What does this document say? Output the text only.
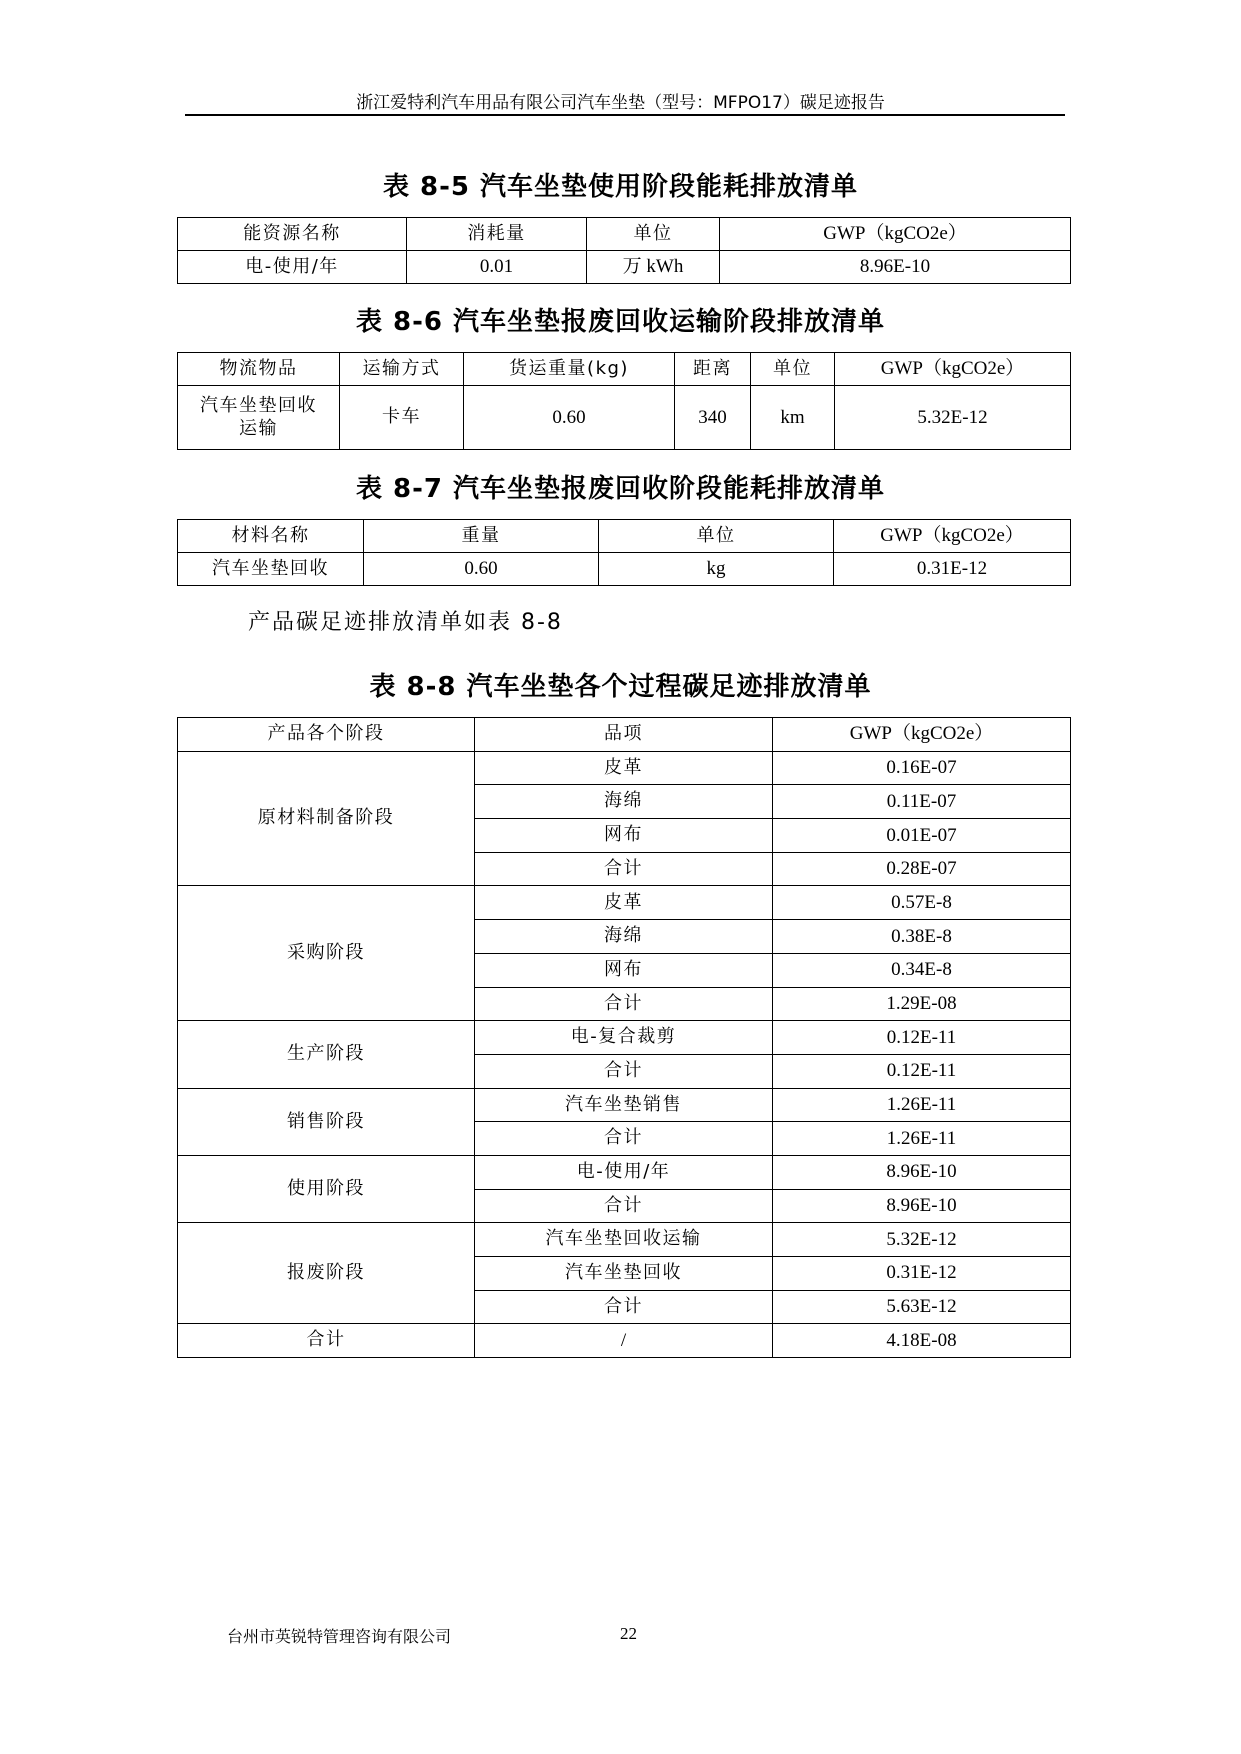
浙江爱特利汽车用品有限公司汽车坐垫（型号：MFPO17）碳足迹报告
表 8-5 汽车坐垫使用阶段能耗排放清单
能资源名称	消耗量	单位	GWP（kgCO2e）
电-使用/年	0.01	万 kWh	8.96E-10
表 8-6 汽车坐垫报废回收运输阶段排放清单
物流物品	运输方式	货运重量(kg)	距离	单位	GWP（kgCO2e）
汽车坐垫回收运输	卡车	0.60	340	km	5.32E-12
表 8-7 汽车坐垫报废回收阶段能耗排放清单
材料名称	重量	单位	GWP（kgCO2e）
汽车坐垫回收	0.60	kg	0.31E-12
产品碳足迹排放清单如表 8-8
表 8-8 汽车坐垫各个过程碳足迹排放清单
产品各个阶段	品项	GWP（kgCO2e）
原材料制备阶段	皮革	0.16E-07
	海绵	0.11E-07
	网布	0.01E-07
	合计	0.28E-07
采购阶段	皮革	0.57E-8
	海绵	0.38E-8
	网布	0.34E-8
	合计	1.29E-08
生产阶段	电-复合裁剪	0.12E-11
	合计	0.12E-11
销售阶段	汽车坐垫销售	1.26E-11
	合计	1.26E-11
使用阶段	电-使用/年	8.96E-10
	合计	8.96E-10
报废阶段	汽车坐垫回收运输	5.32E-12
	汽车坐垫回收	0.31E-12
	合计	5.63E-12
合计	/	4.18E-08
台州市英锐特管理咨询有限公司	22
